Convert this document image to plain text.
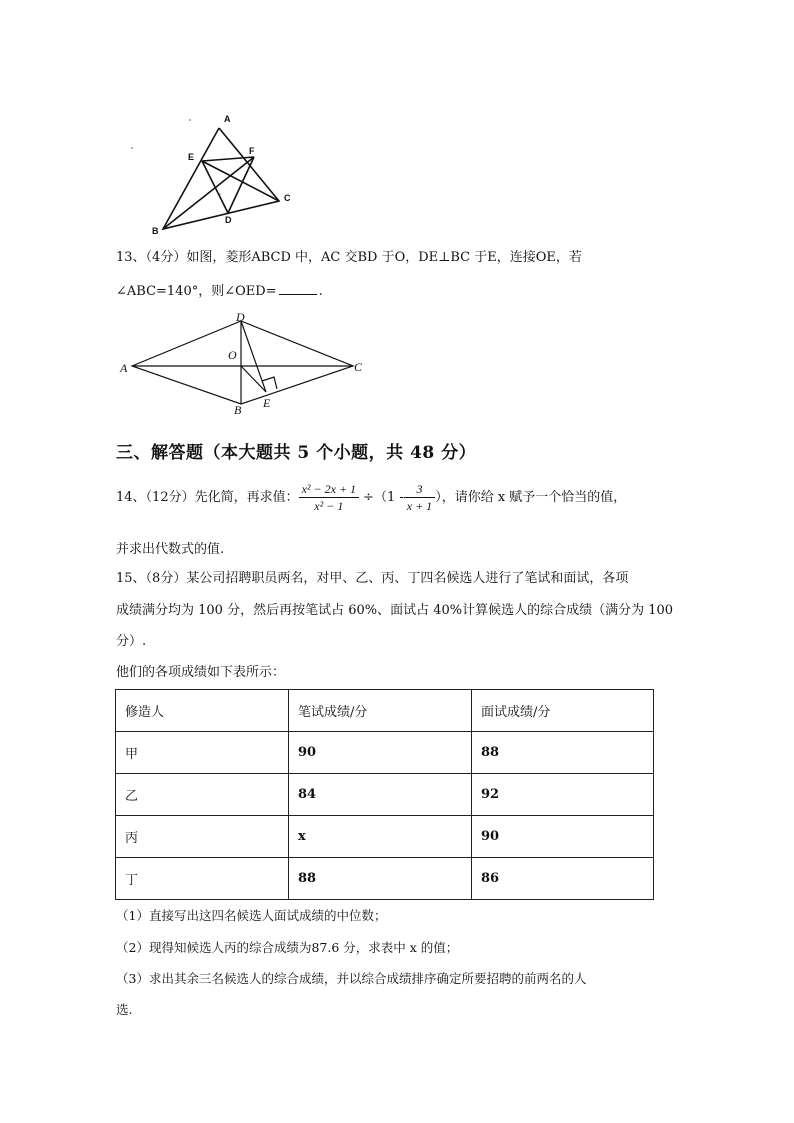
A
E
F
C
D
B
13、（4分）如图，菱形ABCD 中，AC 交BD 于O，DE⊥BC 于E，连接OE，若
∠ABC=140°，则∠OED=	.
D
O
A	C
E
B
三、解答题（本大题共 5 个小题，共 48 分）
14、（12分）先化简，再求值： $\frac{\text{x² − 2x + 1}}{\text{x² − 1}} \div(1 - \frac{3}{x + 1}$ ），请你给 x 赋予一个恰当的值，
并求出代数式的值.
15、（8分）某公司招聘职员两名，对甲、乙、丙、丁四名候选人进行了笔试和面试，各项
成绩满分均为 100 分，然后再按笔试占 60%、面试占 40%计算候选人的综合成绩（满分为 100
分）.
他们的各项成绩如下表所示：
修造人	笔试成绩/分	面试成绩/分
甲	90	88
乙	84	92
丙	x	90
丁	88	86
（1）直接写出这四名候选人面试成绩的中位数；
（2）现得知候选人丙的综合成绩为87.6 分，求表中 x 的值；
（3）求出其余三名候选人的综合成绩，并以综合成绩排序确定所要招聘的前两名的人
选.
